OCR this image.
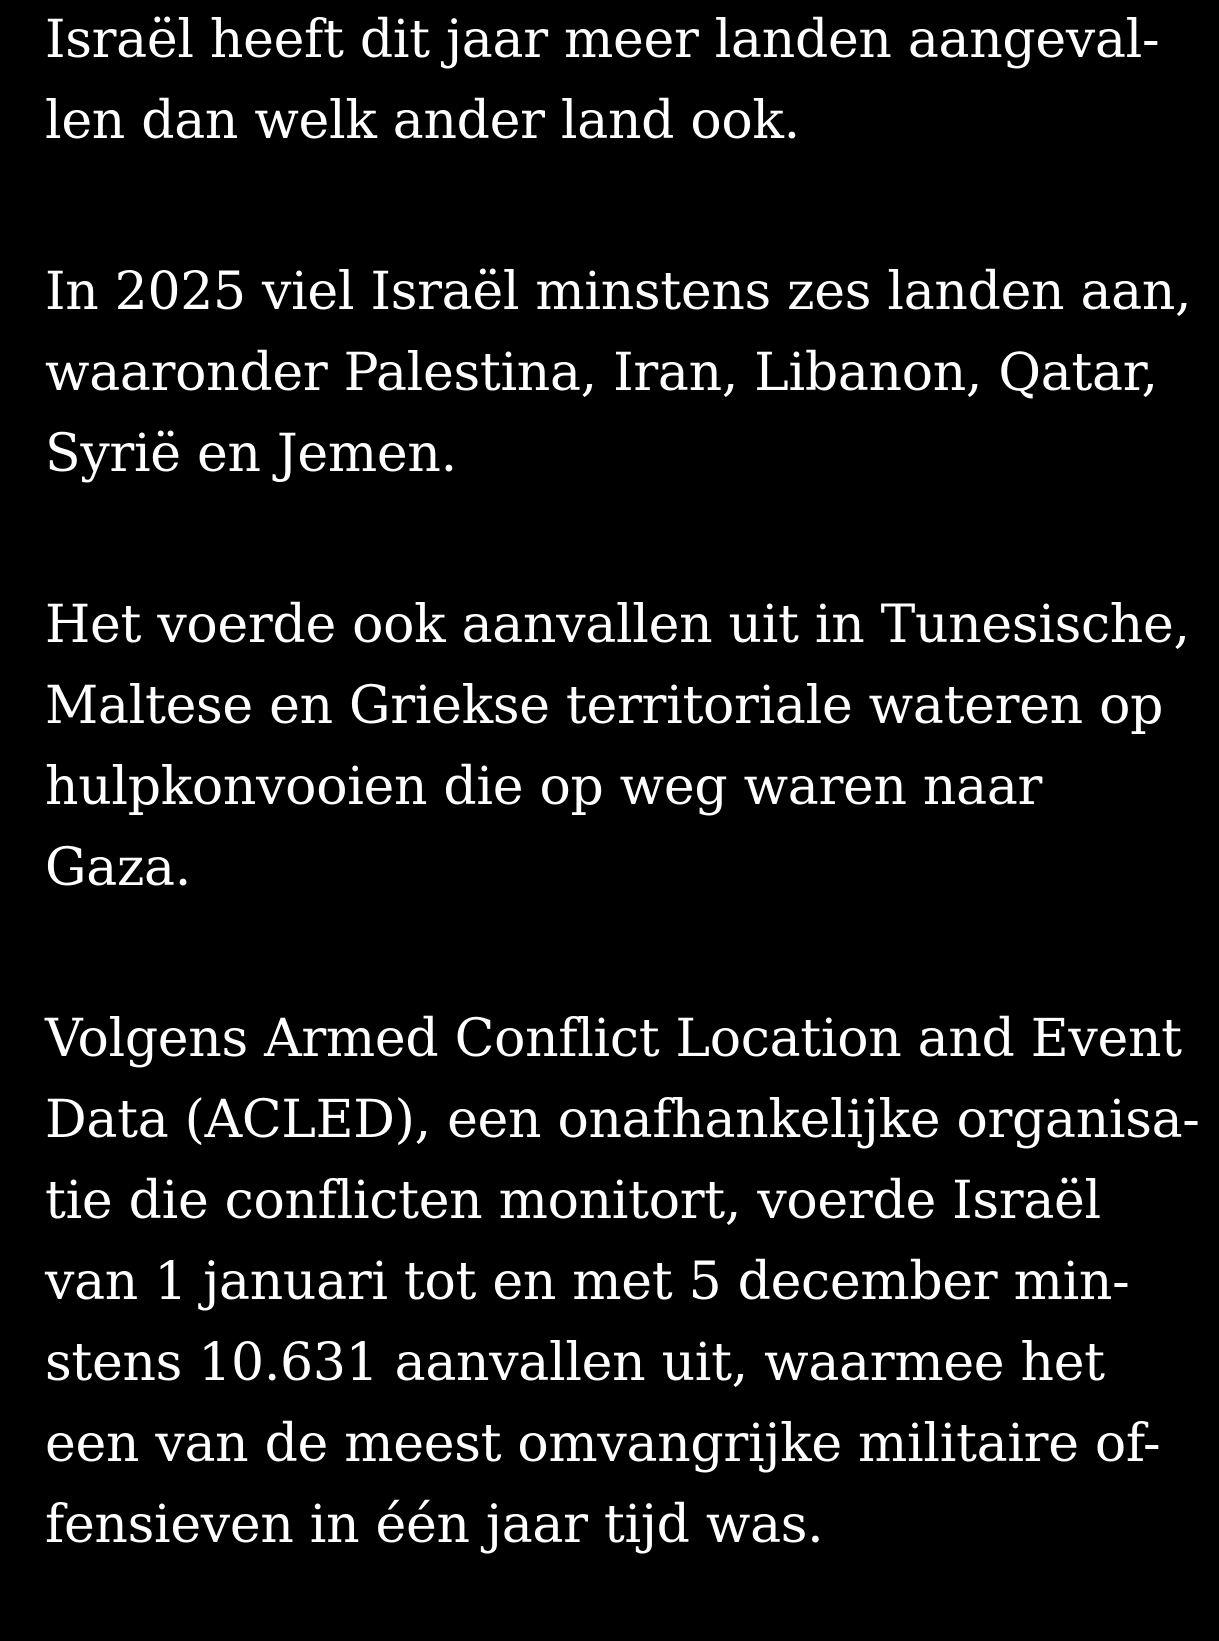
Israël heeft dit jaar meer landen aangeval-
len dan welk ander land ook.

In 2025 viel Israël minstens zes landen aan,
waaronder Palestina, Iran, Libanon, Qatar,
Syrië en Jemen.

Het voerde ook aanvallen uit in Tunesische,
Maltese en Griekse territoriale wateren op
hulpkonvooien die op weg waren naar
Gaza.

Volgens Armed Conflict Location and Event
Data (ACLED), een onafhankelijke organisa-
tie die conflicten monitort, voerde Israël
van 1 januari tot en met 5 december min-
stens 10.631 aanvallen uit, waarmee het
een van de meest omvangrijke militaire of-
fensieven in één jaar tijd was.
